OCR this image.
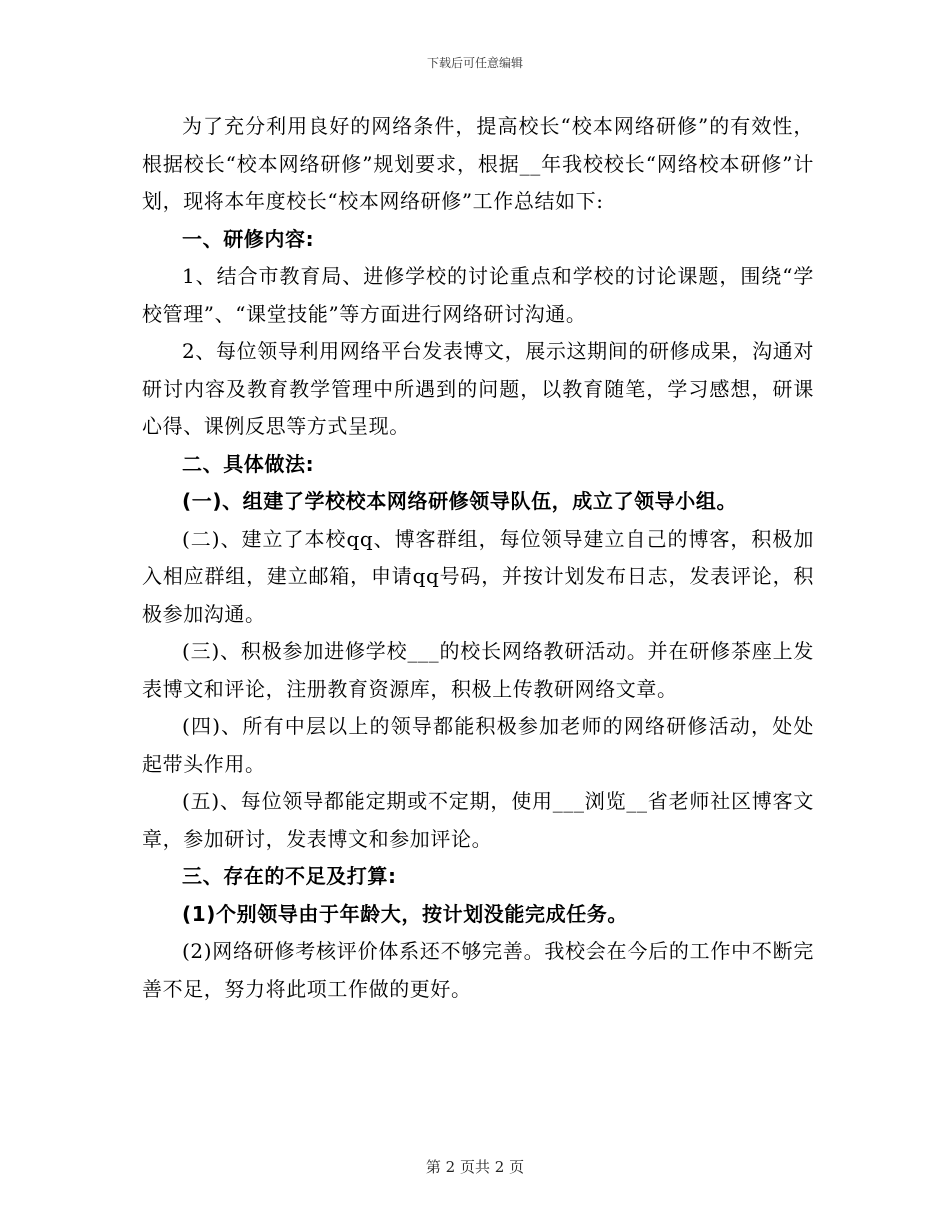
下载后可任意编辑

为了充分利用良好的网络条件，提高校长“校本网络研修”的有效性，根据校长“校本网络研修”规划要求，根据__年我校校长“网络校本研修”计划，现将本年度校长“校本网络研修”工作总结如下:

一、研修内容:

1、结合市教育局、进修学校的讨论重点和学校的讨论课题，围绕“学校管理”、“课堂技能”等方面进行网络研讨沟通。

2、每位领导利用网络平台发表博文，展示这期间的研修成果，沟通对研讨内容及教育教学管理中所遇到的问题，以教育随笔，学习感想，研课心得、课例反思等方式呈现。

二、具体做法:

(一)、组建了学校校本网络研修领导队伍，成立了领导小组。

(二)、建立了本校qq、博客群组，每位领导建立自己的博客，积极加入相应群组，建立邮箱，申请qq号码，并按计划发布日志，发表评论，积极参加沟通。

(三)、积极参加进修学校___的校长网络教研活动。并在研修茶座上发表博文和评论，注册教育资源库，积极上传教研网络文章。

(四)、所有中层以上的领导都能积极参加老师的网络研修活动，处处起带头作用。

(五)、每位领导都能定期或不定期，使用___浏览__省老师社区博客文章，参加研讨，发表博文和参加评论。

三、存在的不足及打算:

(1)个别领导由于年龄大，按计划没能完成任务。

(2)网络研修考核评价体系还不够完善。我校会在今后的工作中不断完善不足，努力将此项工作做的更好。

第 2 页共 2 页
